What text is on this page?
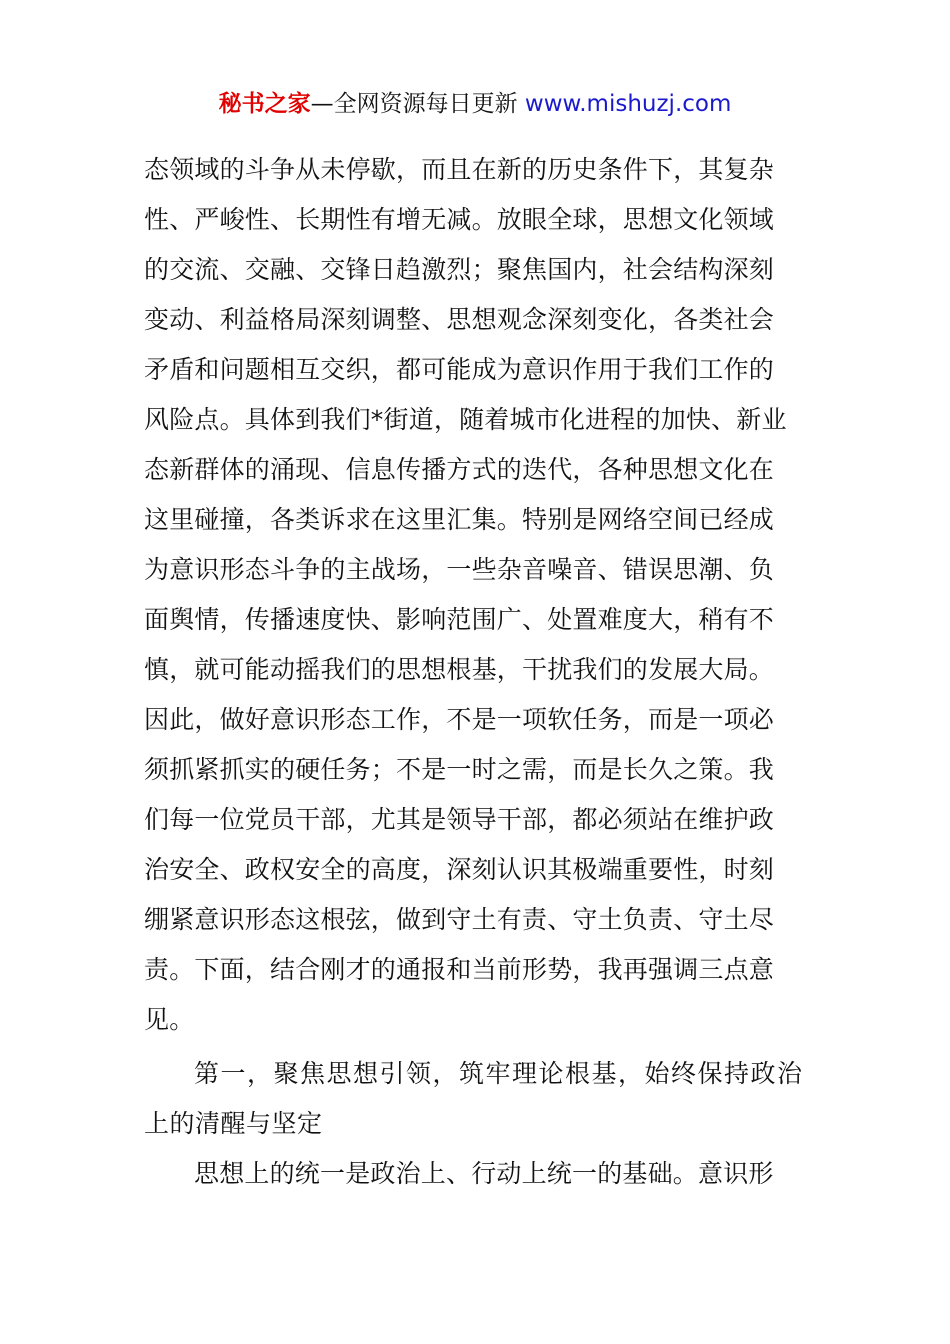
秘书之家—全网资源每日更新 www.mishuzj.com
态领域的斗争从未停歇，而且在新的历史条件下，其复杂
性、严峻性、长期性有增无减。放眼全球，思想文化领域
的交流、交融、交锋日趋激烈；聚焦国内，社会结构深刻
变动、利益格局深刻调整、思想观念深刻变化，各类社会
矛盾和问题相互交织，都可能成为意识作用于我们工作的
风险点。具体到我们*街道，随着城市化进程的加快、新业
态新群体的涌现、信息传播方式的迭代，各种思想文化在
这里碰撞，各类诉求在这里汇集。特别是网络空间已经成
为意识形态斗争的主战场，一些杂音噪音、错误思潮、负
面舆情，传播速度快、影响范围广、处置难度大，稍有不
慎，就可能动摇我们的思想根基，干扰我们的发展大局。
因此，做好意识形态工作，不是一项软任务，而是一项必
须抓紧抓实的硬任务；不是一时之需，而是长久之策。我
们每一位党员干部，尤其是领导干部，都必须站在维护政
治安全、政权安全的高度，深刻认识其极端重要性，时刻
绷紧意识形态这根弦，做到守土有责、守土负责、守土尽
责。下面，结合刚才的通报和当前形势，我再强调三点意
见。
第一，聚焦思想引领，筑牢理论根基，始终保持政治
上的清醒与坚定
思想上的统一是政治上、行动上统一的基础。意识形
